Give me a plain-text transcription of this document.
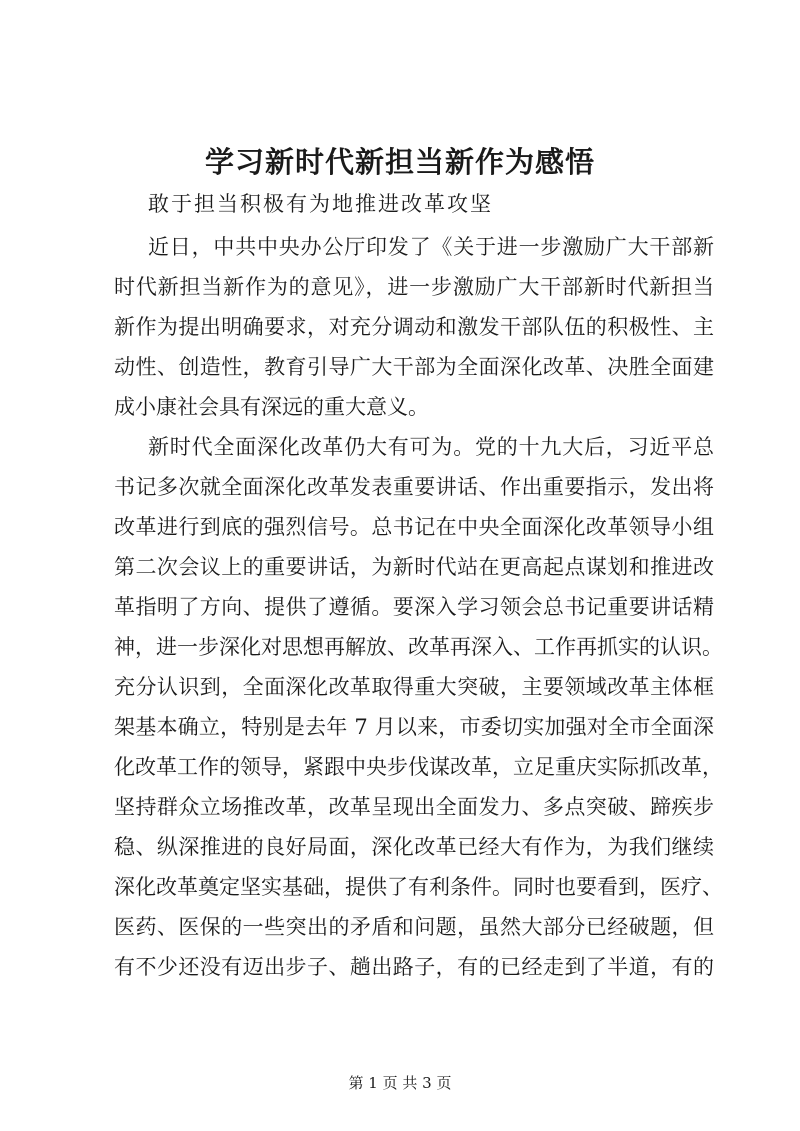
学习新时代新担当新作为感悟

敢于担当积极有为地推进改革攻坚

近日，中共中央办公厅印发了《关于进一步激励广大干部新

时代新担当新作为的意见》，进一步激励广大干部新时代新担当

新作为提出明确要求，对充分调动和激发干部队伍的积极性、主

动性、创造性，教育引导广大干部为全面深化改革、决胜全面建

成小康社会具有深远的重大意义。

新时代全面深化改革仍大有可为。党的十九大后，习近平总

书记多次就全面深化改革发表重要讲话、作出重要指示，发出将

改革进行到底的强烈信号。总书记在中央全面深化改革领导小组

第二次会议上的重要讲话，为新时代站在更高起点谋划和推进改

革指明了方向、提供了遵循。要深入学习领会总书记重要讲话精

神，进一步深化对思想再解放、改革再深入、工作再抓实的认识。

充分认识到，全面深化改革取得重大突破，主要领域改革主体框

架基本确立，特别是去年 7 月以来，市委切实加强对全市全面深

化改革工作的领导，紧跟中央步伐谋改革，立足重庆实际抓改革，

坚持群众立场推改革，改革呈现出全面发力、多点突破、蹄疾步

稳、纵深推进的良好局面，深化改革已经大有作为，为我们继续

深化改革奠定坚实基础，提供了有利条件。同时也要看到，医疗、

医药、医保的一些突出的矛盾和问题，虽然大部分已经破题，但

有不少还没有迈出步子、趟出路子，有的已经走到了半道，有的

第 1 页 共 3 页
